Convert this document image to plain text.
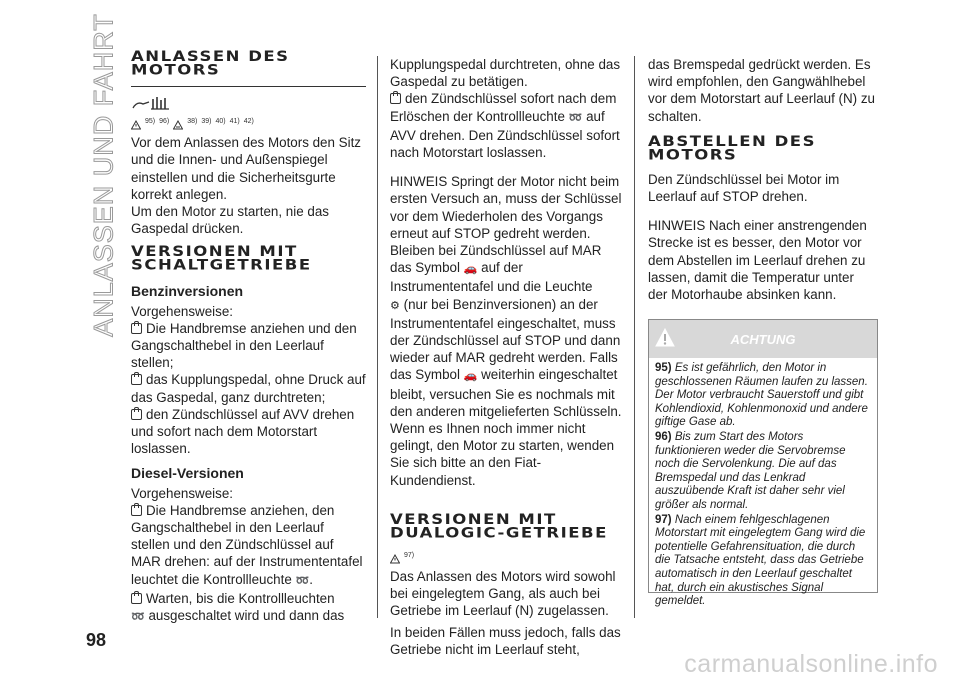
ANLASSEN UND FAHRT ANLASSEN DES MOTORS
95) 96)	38) 39) 40) 41) 42)

Vor dem Anlassen des Motors den Sitz und die Innen- und Außenspiegel einstellen und die Sicherheitsgurte korrekt anlegen.

Um den Motor zu starten, nie das Gaspedal drücken.

VERSIONEN MIT SCHALTGETRIEBE
Benzinversionen

Vorgehensweise:

Die Handbremse anziehen und den Gangschalthebel in den Leerlauf stellen;

das Kupplungspedal, ohne Druck auf das Gaspedal, ganz durchtreten;

den Zündschlüssel auf AVV drehen und sofort nach dem Motorstart loslassen.

Diesel-Versionen

Vorgehensweise:

Die Handbremse anziehen, den Gangschalthebel in den Leerlauf stellen und den Zündschlüssel auf MAR drehen: auf der Instrumententafel leuchtet die Kontrollleuchte ➿.

Warten, bis die Kontrollleuchten
➿ ausgeschaltet wird und dann das

Kupplungspedal durchtreten, ohne das Gaspedal zu betätigen.

den Zündschlüssel sofort nach dem Erlöschen der Kontrollleuchte ➿ auf AVV drehen. Den Zündschlüssel sofort nach Motorstart loslassen.

HINWEIS Springt der Motor nicht beim ersten Versuch an, muss der Schlüssel vor dem Wiederholen des Vorgangs erneut auf STOP gedreht werden. Bleiben bei Zündschlüssel auf MAR das Symbol 🚗 auf der Instrumententafel und die Leuchte
⚙ (nur bei Benzinversionen) an der Instrumententafel eingeschaltet, muss der Zündschlüssel auf STOP und dann wieder auf MAR gedreht werden. Falls das Symbol 🚗 weiterhin eingeschaltet bleibt, versuchen Sie es nochmals mit den anderen mitgelieferten Schlüsseln. Wenn es Ihnen noch immer nicht gelingt, den Motor zu starten, wenden Sie sich bitte an den Fiat-Kundendienst.

VERSIONEN MIT DUALOGIC-GETRIEBE
97)

Das Anlassen des Motors wird sowohl bei eingelegtem Gang, als auch bei Getriebe im Leerlauf (N) zugelassen.

In beiden Fällen muss jedoch, falls das Getriebe nicht im Leerlauf steht,

das Bremspedal gedrückt werden. Es wird empfohlen, den Gangwählhebel vor dem Motorstart auf Leerlauf (N) zu schalten.

ABSTELLEN DES MOTORS

Den Zündschlüssel bei Motor im Leerlauf auf STOP drehen.

HINWEIS Nach einer anstrengenden Strecke ist es besser, den Motor vor dem Abstellen im Leerlauf drehen zu lassen, damit die Temperatur unter der Motorhaube absinken kann.

ACHTUNG

95) Es ist gefährlich, den Motor in geschlossenen Räumen laufen zu lassen. Der Motor verbraucht Sauerstoff und gibt Kohlendioxid, Kohlenmonoxid und andere giftige Gase ab.

96) Bis zum Start des Motors funktionieren weder die Servobremse noch die Servolenkung. Die auf das Bremspedal und das Lenkrad auszuübende Kraft ist daher sehr viel größer als normal.

97) Nach einem fehlgeschlagenen Motorstart mit eingelegtem Gang wird die potentielle Gefahrensituation, die durch die Tatsache entsteht, dass das Getriebe automatisch in den Leerlauf geschaltet hat, durch ein akustisches Signal gemeldet.

98
carmanualsonline.info
